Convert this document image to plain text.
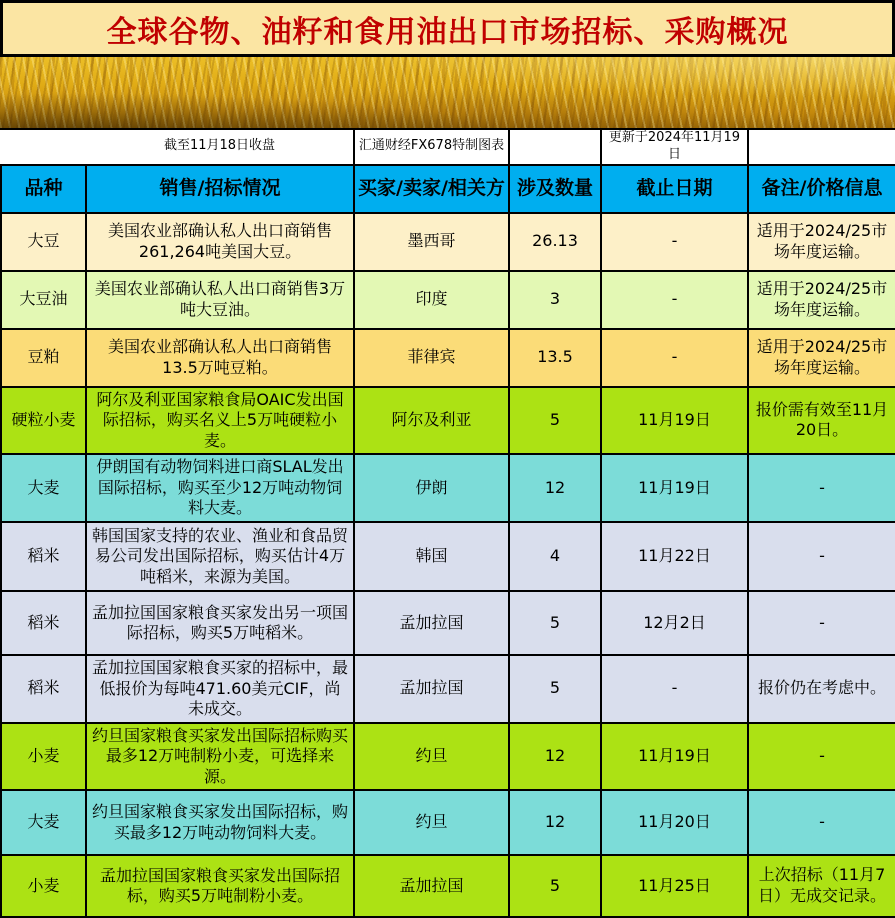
全球谷物、油籽和食用油出口市场招标、采购概况
	截至11月18日收盘	汇通财经FX678特制图表		更新于2024年11月19日	
品种	销售/招标情况	买家/卖家/相关方	涉及数量	截止日期	备注/价格信息
大豆	美国农业部确认私人出口商销售261,264吨美国大豆。	墨西哥	26.13	-	适用于2024/25市场年度运输。
大豆油	美国农业部确认私人出口商销售3万吨大豆油。	印度	3	-	适用于2024/25市场年度运输。
豆粕	美国农业部确认私人出口商销售13.5万吨豆粕。	菲律宾	13.5	-	适用于2024/25市场年度运输。
硬粒小麦	阿尔及利亚国家粮食局OAIC发出国际招标，购买名义上5万吨硬粒小麦。	阿尔及利亚	5	11月19日	报价需有效至11月20日。
大麦	伊朗国有动物饲料进口商SLAL发出国际招标，购买至少12万吨动物饲料大麦。	伊朗	12	11月19日	-
稻米	韩国国家支持的农业、渔业和食品贸易公司发出国际招标，购买估计4万吨稻米，来源为美国。	韩国	4	11月22日	-
稻米	孟加拉国国家粮食买家发出另一项国际招标，购买5万吨稻米。	孟加拉国	5	12月2日	-
稻米	孟加拉国国家粮食买家的招标中，最低报价为每吨471.60美元CIF，尚未成交。	孟加拉国	5	-	报价仍在考虑中。
小麦	约旦国家粮食买家发出国际招标购买最多12万吨制粉小麦，可选择来源。	约旦	12	11月19日	-
大麦	约旦国家粮食买家发出国际招标，购买最多12万吨动物饲料大麦。	约旦	12	11月20日	-
小麦	孟加拉国国家粮食买家发出国际招标，购买5万吨制粉小麦。	孟加拉国	5	11月25日	上次招标（11月7日）无成交记录。
